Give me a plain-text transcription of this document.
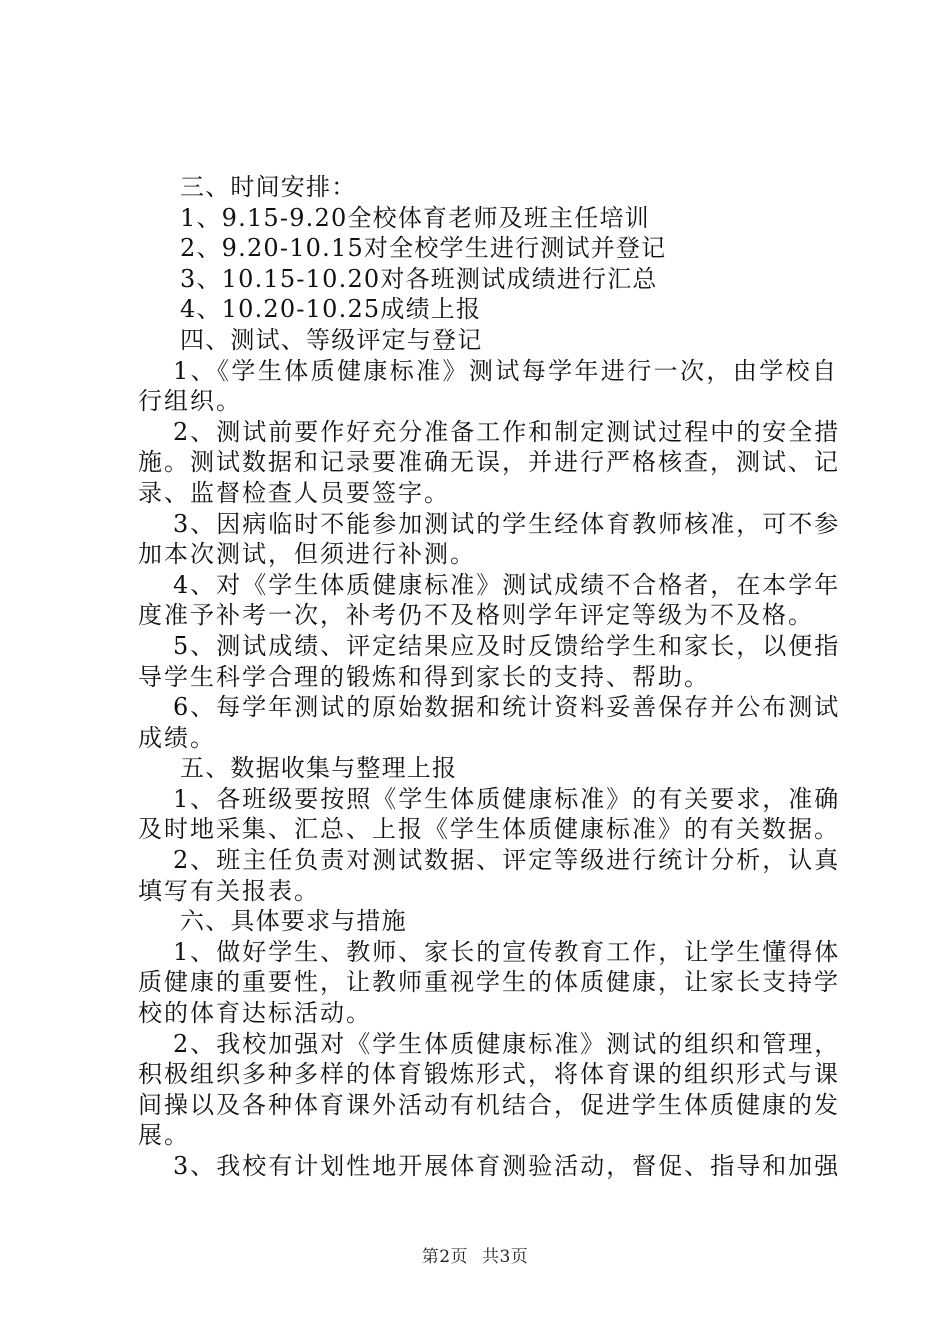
三、时间安排：

1、9.15-9.20全校体育老师及班主任培训

2、9.20-10.15对全校学生进行测试并登记

3、10.15-10.20对各班测试成绩进行汇总

4、10.20-10.25成绩上报

四、测试、等级评定与登记

1、《学生体质健康标准》测试每学年进行一次，由学校自
行组织。

2、测试前要作好充分准备工作和制定测试过程中的安全措
施。测试数据和记录要准确无误，并进行严格核查，测试、记
录、监督检查人员要签字。

3、因病临时不能参加测试的学生经体育教师核准，可不参
加本次测试，但须进行补测。

4、对《学生体质健康标准》测试成绩不合格者，在本学年
度准予补考一次，补考仍不及格则学年评定等级为不及格。

5、测试成绩、评定结果应及时反馈给学生和家长，以便指
导学生科学合理的锻炼和得到家长的支持、帮助。

6、每学年测试的原始数据和统计资料妥善保存并公布测试
成绩。

五、数据收集与整理上报

1、各班级要按照《学生体质健康标准》的有关要求，准确
及时地采集、汇总、上报《学生体质健康标准》的有关数据。

2、班主任负责对测试数据、评定等级进行统计分析，认真
填写有关报表。

六、具体要求与措施

1、做好学生、教师、家长的宣传教育工作，让学生懂得体
质健康的重要性，让教师重视学生的体质健康，让家长支持学
校的体育达标活动。

2、我校加强对《学生体质健康标准》测试的组织和管理，
积极组织多种多样的体育锻炼形式，将体育课的组织形式与课
间操以及各种体育课外活动有机结合，促进学生体质健康的发
展。

3、我校有计划性地开展体育测验活动，督促、指导和加强

第2页 共3页
